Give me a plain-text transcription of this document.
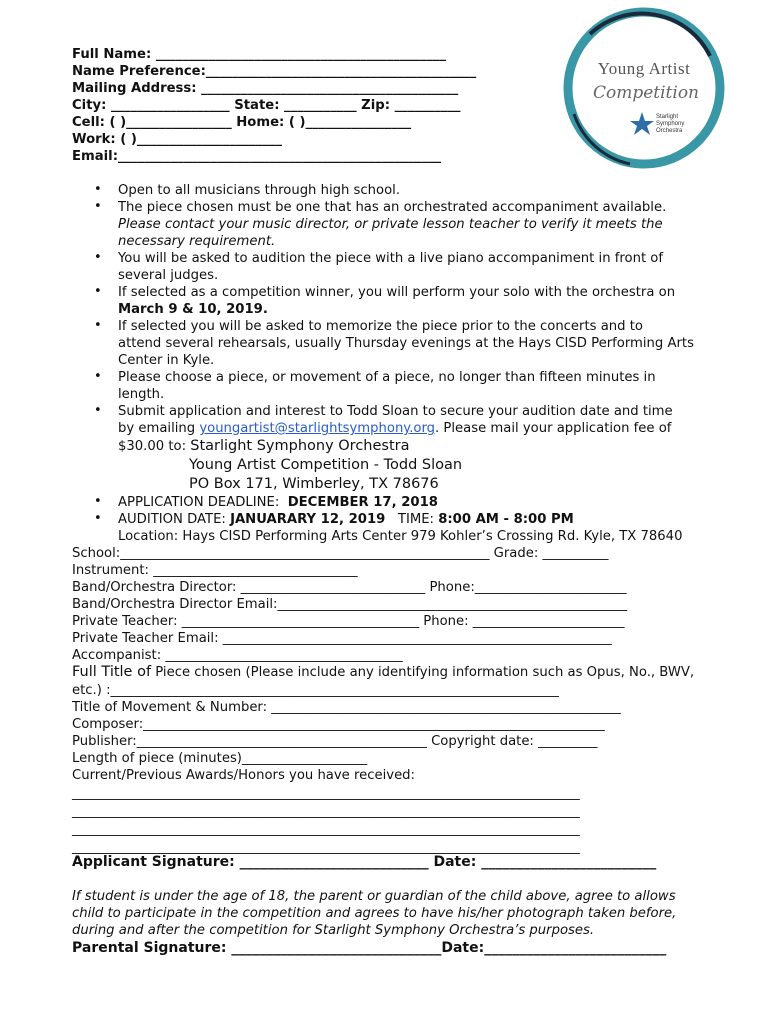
Young Artist
Competition
Starlight
Symphony
Orchestra
Full Name: ____________________________________________
Name Preference:_________________________________________
Mailing Address: _______________________________________
City: __________________ State: ___________ Zip: __________
Cell: ( )________________ Home: ( )________________
Work: ( )______________________
Email:_________________________________________________
• Open to all musicians through high school.
• The piece chosen must be one that has an orchestrated accompaniment available.
Please contact your music director, or private lesson teacher to verify it meets the
necessary requirement.
• You will be asked to audition the piece with a live piano accompaniment in front of
several judges.
• If selected as a competition winner, you will perform your solo with the orchestra on
March 9 & 10, 2019.
• If selected you will be asked to memorize the piece prior to the concerts and to
attend several rehearsals, usually Thursday evenings at the Hays CISD Performing Arts
Center in Kyle.
• Please choose a piece, or movement of a piece, no longer than fifteen minutes in
length.
• Submit application and interest to Todd Sloan to secure your audition date and time
by emailing youngartist@starlightsymphony.org. Please mail your application fee of
$30.00 to: Starlight Symphony Orchestra
Young Artist Competition - Todd Sloan
PO Box 171, Wimberley, TX 78676
• APPLICATION DEADLINE: DECEMBER 17, 2018
• AUDITION DATE: JANUARARY 12, 2019 TIME: 8:00 AM - 8:00 PM
Location: Hays CISD Performing Arts Center 979 Kohler’s Crossing Rd. Kyle, TX 78640
School:________________________________________________________ Grade: __________
Instrument: _______________________________
Band/Orchestra Director: ____________________________ Phone:_______________________
Band/Orchestra Director Email:_____________________________________________________
Private Teacher: ____________________________________ Phone: _______________________
Private Teacher Email: ___________________________________________________________
Accompanist: ____________________________________
Full Title of Piece chosen (Please include any identifying information such as Opus, No., BWV,
etc.) :____________________________________________________________________
Title of Movement & Number: _____________________________________________________
Composer:______________________________________________________________________
Publisher:____________________________________________ Copyright date: _________
Length of piece (minutes)___________________
Current/Previous Awards/Honors you have received:
_____________________________________________________________________________
_____________________________________________________________________________
_____________________________________________________________________________
_____________________________________________________________________________
Applicant Signature: ___________________________ Date: _________________________
If student is under the age of 18, the parent or guardian of the child above, agree to allows
child to participate in the competition and agrees to have his/her photograph taken before,
during and after the competition for Starlight Symphony Orchestra’s purposes.
Parental Signature: ______________________________Date:__________________________
